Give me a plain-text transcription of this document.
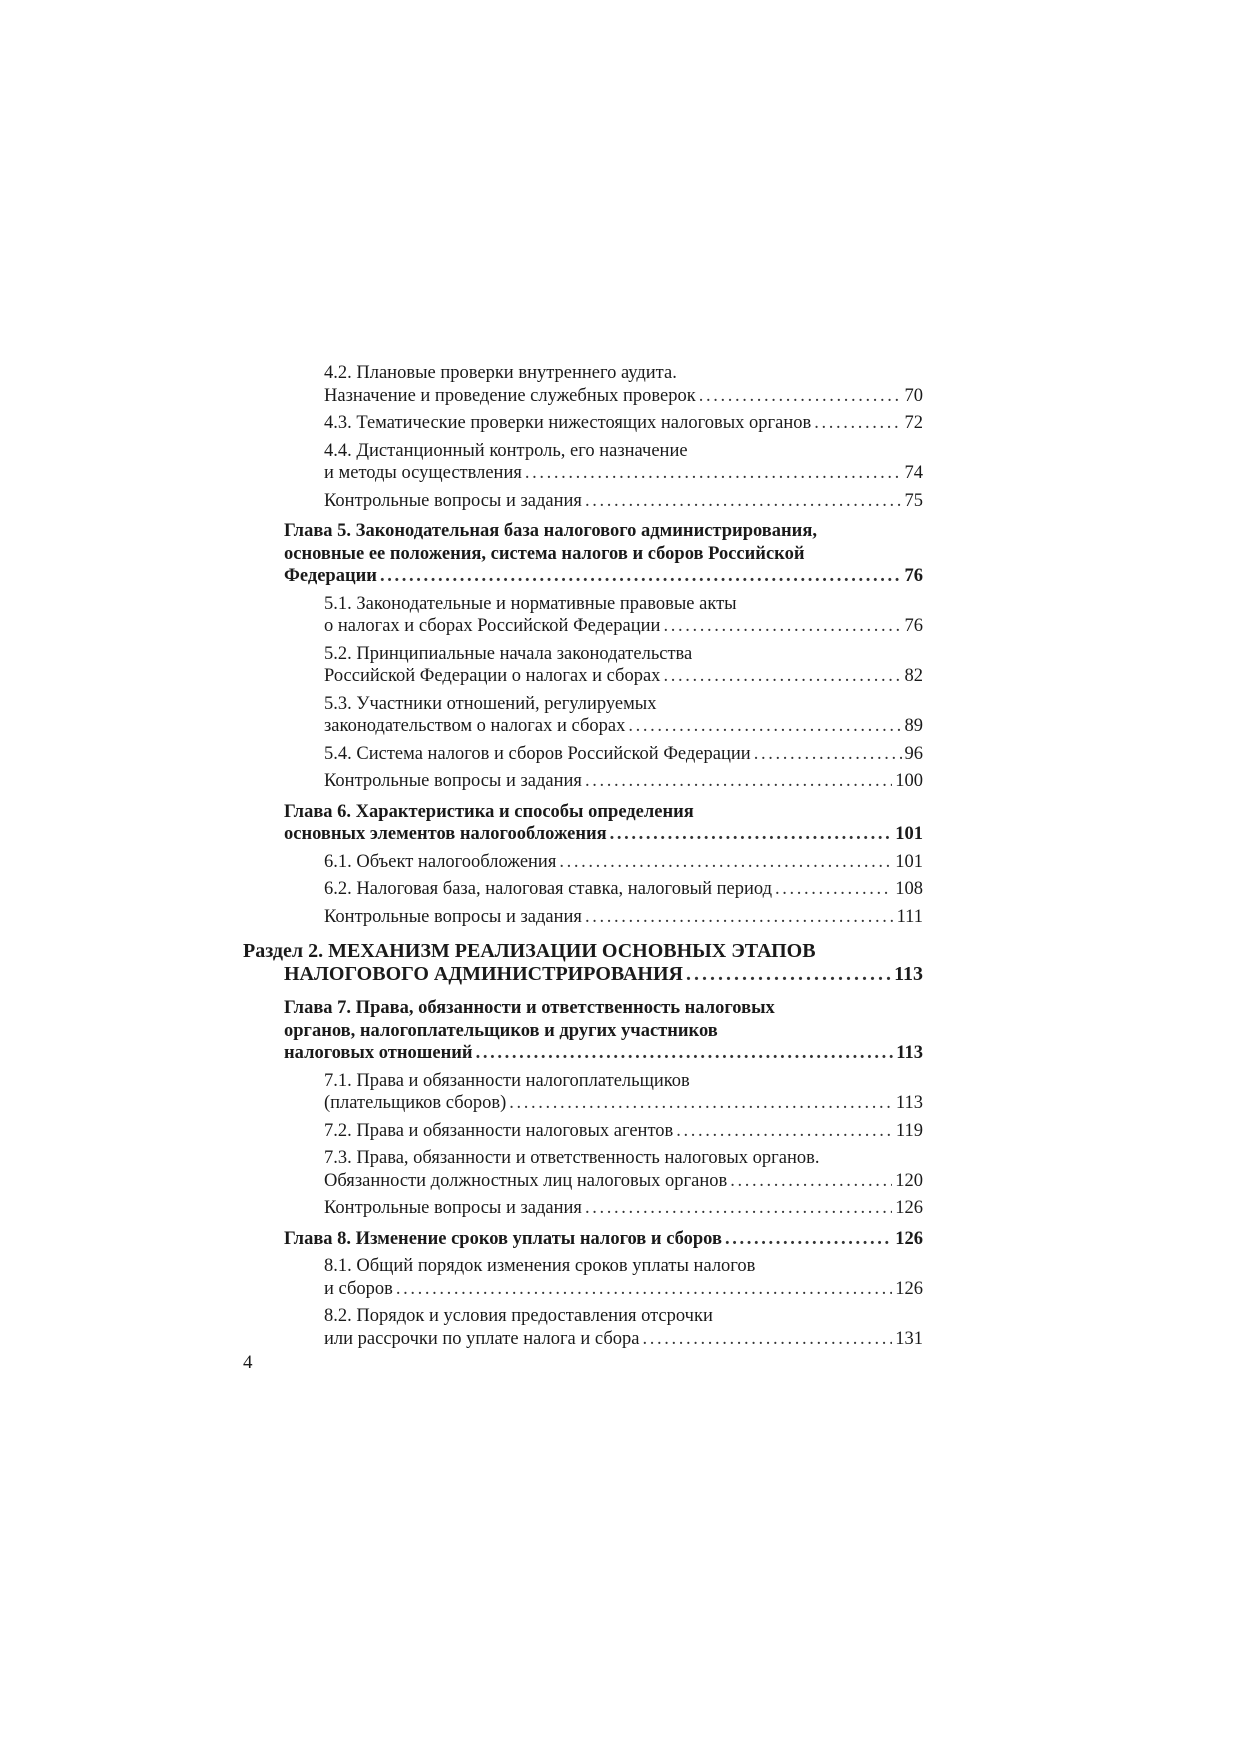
4.2. Плановые проверки внутреннего аудита.
Назначение и проведение служебных проверок . . .	70
4.3. Тематические проверки нижестоящих налоговых органов . . .	72
4.4. Дистанционный контроль, его назначение
и методы осуществления . . .	74
Контрольные вопросы и задания . . .	75
Глава 5. Законодательная база налогового администрирования,
основные ее положения, система налогов и сборов Российской
Федерации . . .	76
5.1. Законодательные и нормативные правовые акты
о налогах и сборах Российской Федерации . . .	76
5.2. Принципиальные начала законодательства
Российской Федерации о налогах и сборах . . .	82
5.3. Участники отношений, регулируемых
законодательством о налогах и сборах . . .	89
5.4. Система налогов и сборов Российской Федерации . . .	96
Контрольные вопросы и задания . . .	100
Глава 6. Характеристика и способы определения
основных элементов налогообложения . . .	101
6.1. Объект налогообложения . . .	101
6.2. Налоговая база, налоговая ставка, налоговый период . . .	108
Контрольные вопросы и задания . . .	111
Раздел 2. МЕХАНИЗМ РЕАЛИЗАЦИИ ОСНОВНЫХ ЭТАПОВ
НАЛОГОВОГО АДМИНИСТРИРОВАНИЯ . . .	113
Глава 7. Права, обязанности и ответственность налоговых
органов, налогоплательщиков и других участников
налоговых отношений . . .	113
7.1. Права и обязанности налогоплательщиков
(плательщиков сборов) . . .	113
7.2. Права и обязанности налоговых агентов . . .	119
7.3. Права, обязанности и ответственность налоговых органов.
Обязанности должностных лиц налоговых органов . . .	120
Контрольные вопросы и задания . . .	126
Глава 8. Изменение сроков уплаты налогов и сборов . . .	126
8.1. Общий порядок изменения сроков уплаты налогов
и сборов . . .	126
8.2. Порядок и условия предоставления отсрочки
или рассрочки по уплате налога и сбора . . .	131
4
